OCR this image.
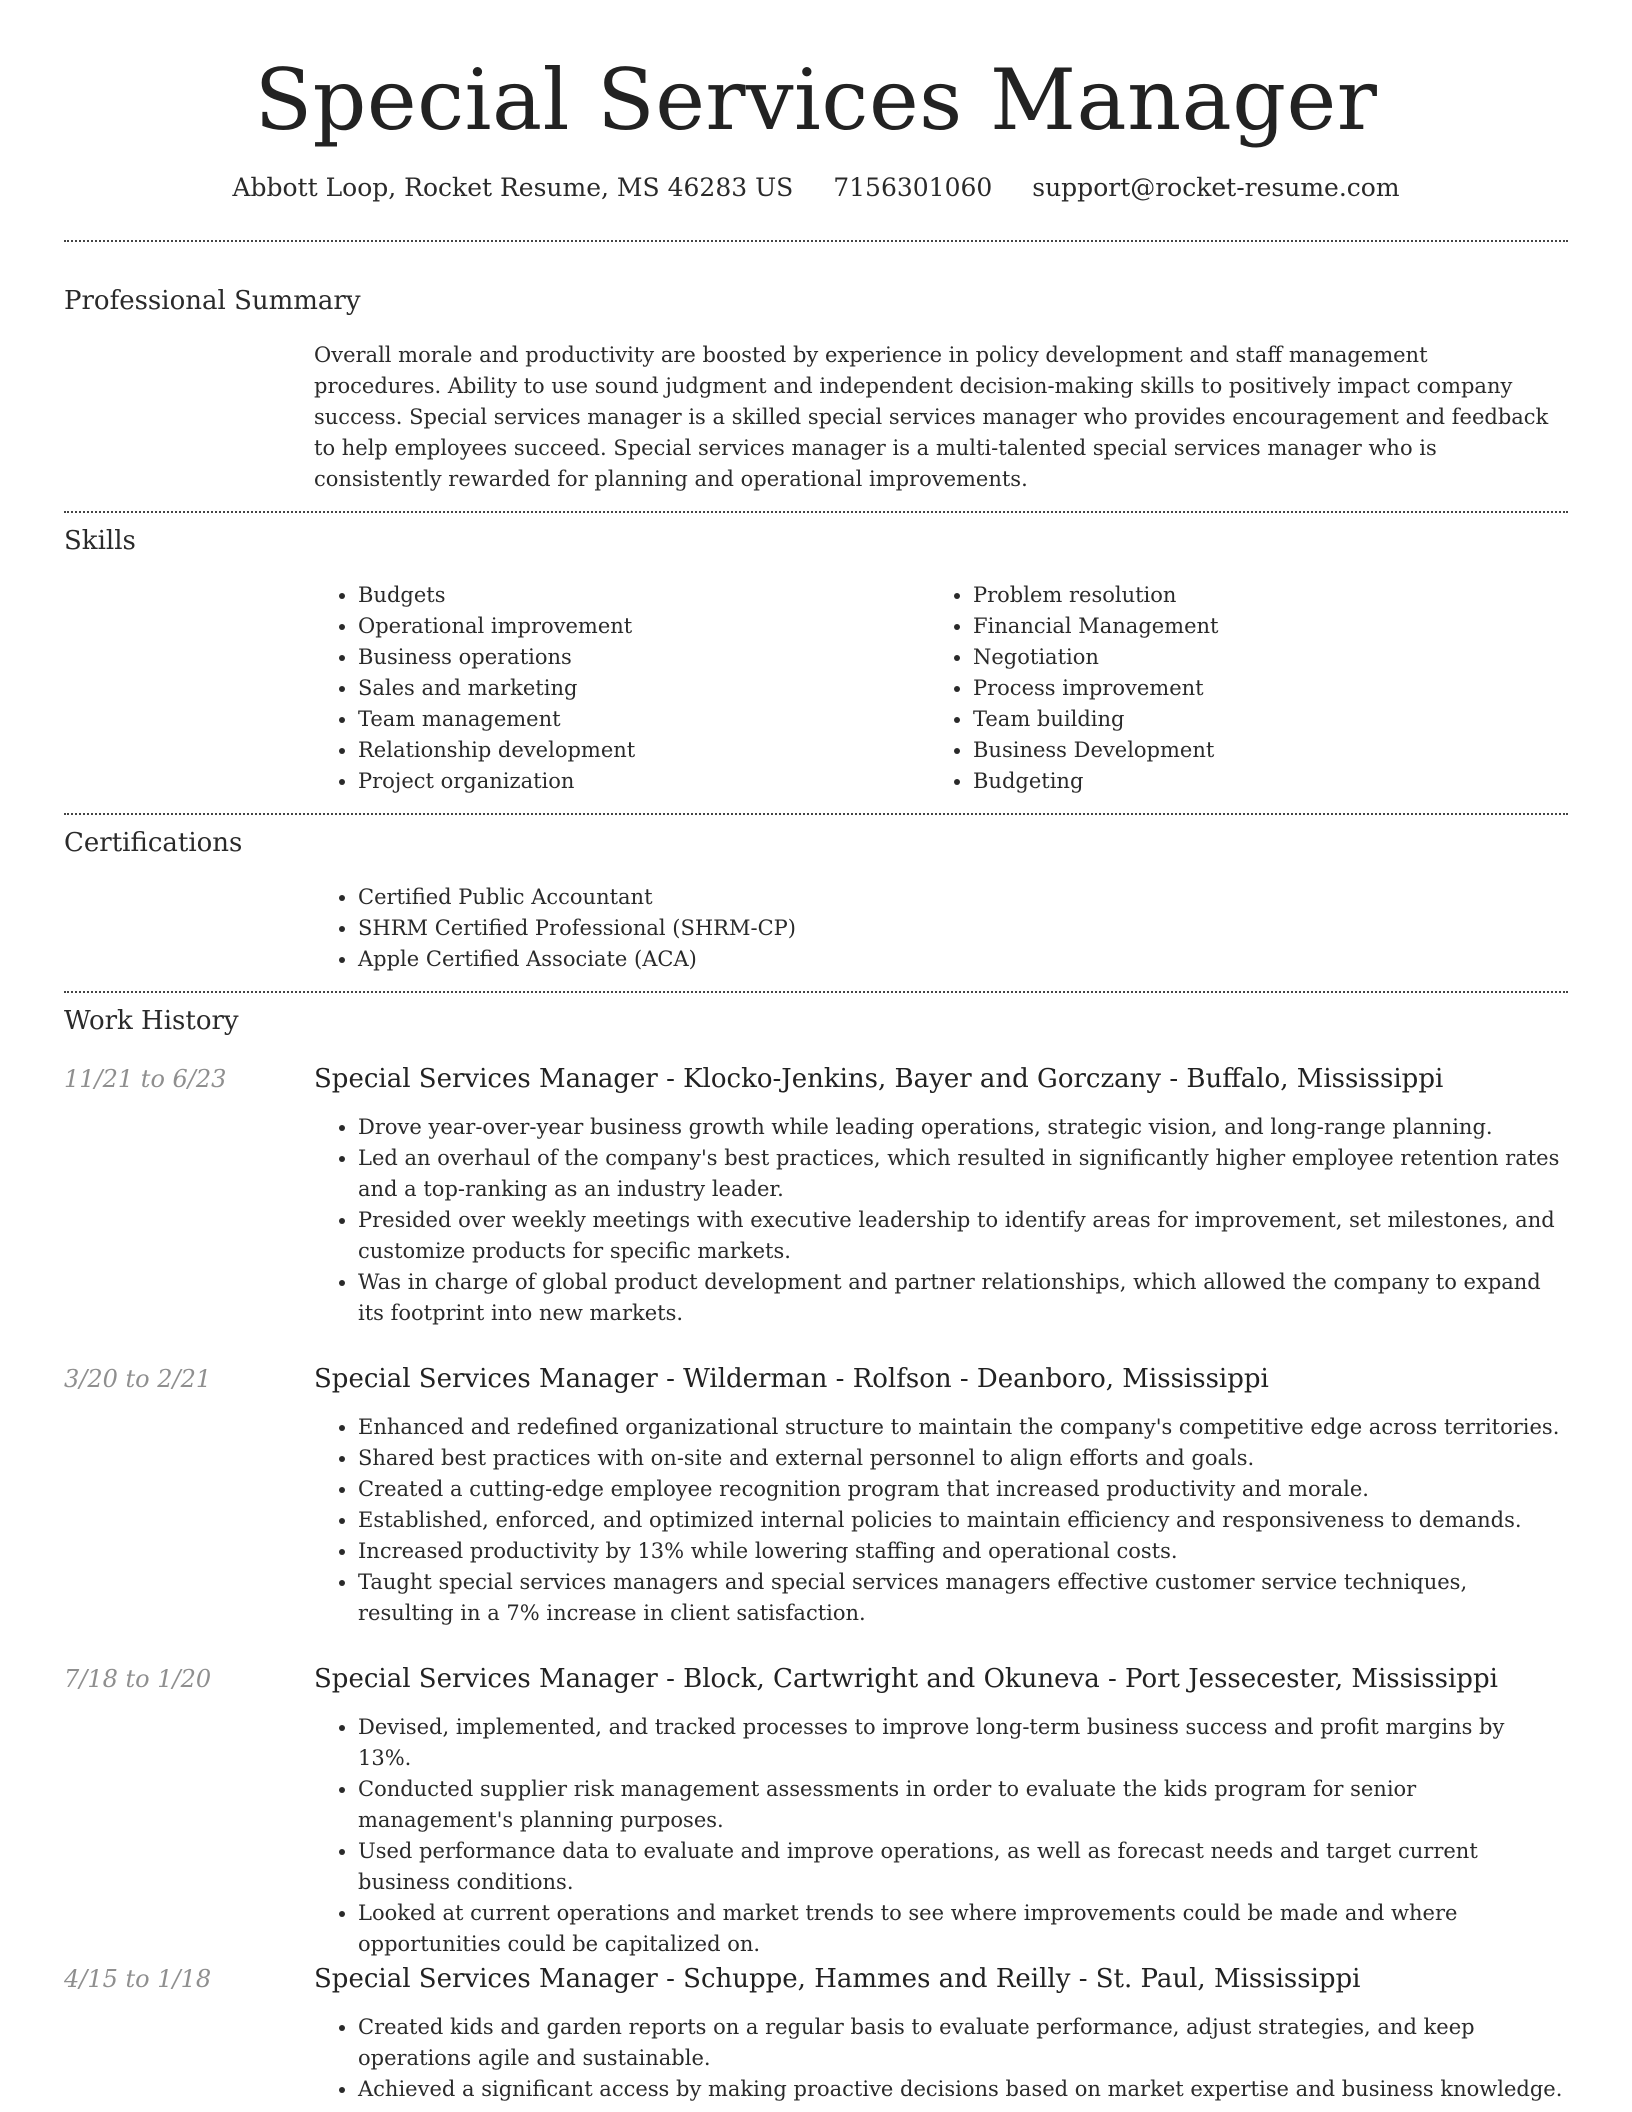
Special Services Manager
Abbott Loop, Rocket Resume, MS 46283 US 7156301060 support@rocket-resume.com
Professional Summary
Overall morale and productivity are boosted by experience in policy development and staff management procedures. Ability to use sound judgment and independent decision-making skills to positively impact company success. Special services manager is a skilled special services manager who provides encouragement and feedback to help employees succeed. Special services manager is a multi-talented special services manager who is consistently rewarded for planning and operational improvements.
Skills
• Budgets
• Operational improvement
• Business operations
• Sales and marketing
• Team management
• Relationship development
• Project organization
• Problem resolution
• Financial Management
• Negotiation
• Process improvement
• Team building
• Business Development
• Budgeting
Certifications
• Certified Public Accountant
• SHRM Certified Professional (SHRM-CP)
• Apple Certified Associate (ACA)
Work History
11/21 to 6/23	Special Services Manager - Klocko-Jenkins, Bayer and Gorczany - Buffalo, Mississippi
• Drove year-over-year business growth while leading operations, strategic vision, and long-range planning.
• Led an overhaul of the company's best practices, which resulted in significantly higher employee retention rates and a top-ranking as an industry leader.
• Presided over weekly meetings with executive leadership to identify areas for improvement, set milestones, and customize products for specific markets.
• Was in charge of global product development and partner relationships, which allowed the company to expand its footprint into new markets.
3/20 to 2/21	Special Services Manager - Wilderman - Rolfson - Deanboro, Mississippi
• Enhanced and redefined organizational structure to maintain the company's competitive edge across territories.
• Shared best practices with on-site and external personnel to align efforts and goals.
• Created a cutting-edge employee recognition program that increased productivity and morale.
• Established, enforced, and optimized internal policies to maintain efficiency and responsiveness to demands.
• Increased productivity by 13% while lowering staffing and operational costs.
• Taught special services managers and special services managers effective customer service techniques, resulting in a 7% increase in client satisfaction.
7/18 to 1/20	Special Services Manager - Block, Cartwright and Okuneva - Port Jessecester, Mississippi
• Devised, implemented, and tracked processes to improve long-term business success and profit margins by 13%.
• Conducted supplier risk management assessments in order to evaluate the kids program for senior management's planning purposes.
• Used performance data to evaluate and improve operations, as well as forecast needs and target current business conditions.
• Looked at current operations and market trends to see where improvements could be made and where opportunities could be capitalized on.
4/15 to 1/18	Special Services Manager - Schuppe, Hammes and Reilly - St. Paul, Mississippi
• Created kids and garden reports on a regular basis to evaluate performance, adjust strategies, and keep operations agile and sustainable.
• Achieved a significant access by making proactive decisions based on market expertise and business knowledge.
